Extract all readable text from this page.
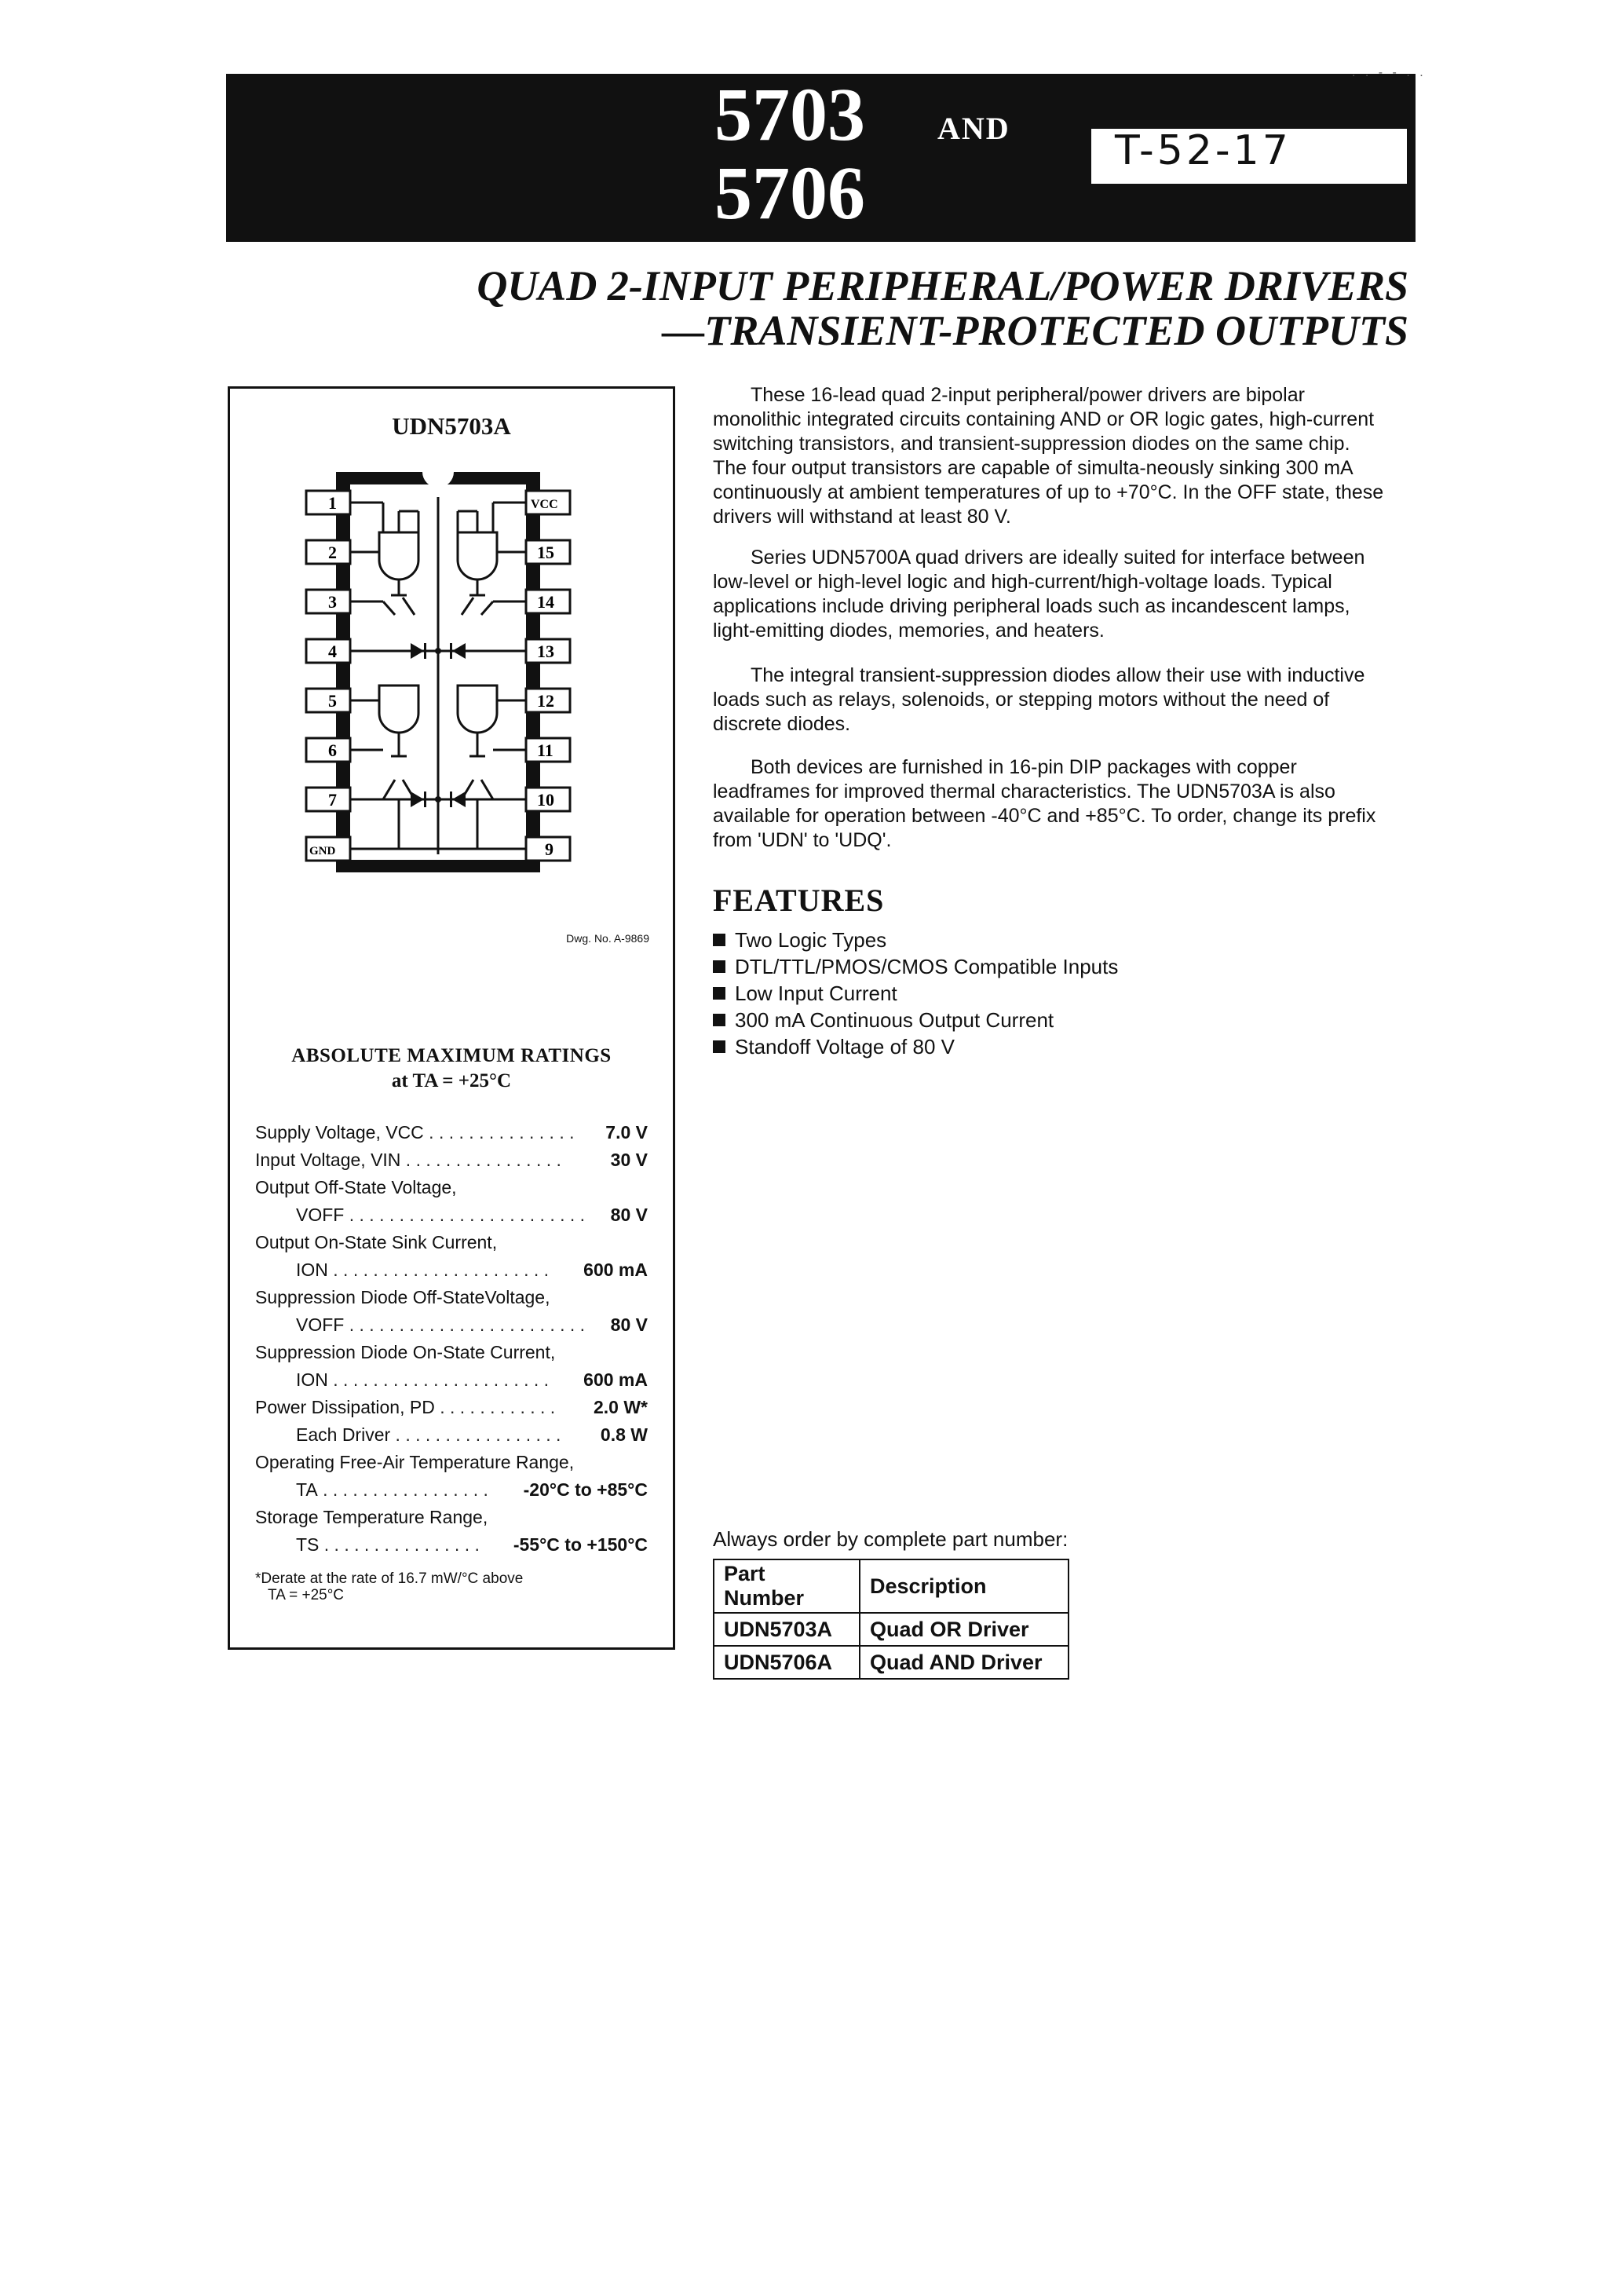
5703 AND
5706	T-52-17
. . - - . .
QUAD 2-INPUT PERIPHERAL/POWER DRIVERS
—TRANSIENT-PROTECTED OUTPUTS
UDN5703A
1
2
3
4
5
6
7
GND
VCC
15
14
13
12
11
10
9
Dwg. No. A-9869
ABSOLUTE MAXIMUM RATINGS
at TA = +25°C
Supply Voltage, VCC . . . . . . . . . . . . . . . 7.0 V
Input Voltage, VIN . . . . . . . . . . . . . . . .	30 V
Output Off-State Voltage,
VOFF . . . . . . . . . . . . . . . . . . . . . . . . 80 V
Output On-State Sink Current,
ION . . . . . . . . . . . . . . . . . . . . . . 600 mA
Suppression Diode Off-StateVoltage,
VOFF . . . . . . . . . . . . . . . . . . . . . . . . 80 V
Suppression Diode On-State Current,
ION . . . . . . . . . . . . . . . . . . . . . . 600 mA
Power Dissipation, PD . . . . . . . . . . . . 2.0 W*
Each Driver . . . . . . . . . . . . . . . . . 0.8 W
Operating Free-Air Temperature Range,
TA . . . . . . . . . . . . . . . . . -20°C to +85°C
Storage Temperature Range,
TS . . . . . . . . . . . . . . . . -55°C to +150°C
*Derate at the rate of 16.7 mW/°C above
TA = +25°C
These 16-lead quad 2-input peripheral/power drivers are bipolar monolithic integrated circuits containing AND or OR logic gates, high-current switching transistors, and transient-suppression diodes on the same chip. The four output transistors are capable of simulta-neously sinking 300 mA continuously at ambient temperatures of up to +70°C. In the OFF state, these drivers will withstand at least 80 V.
Series UDN5700A quad drivers are ideally suited for interface between low-level or high-level logic and high-current/high-voltage loads. Typical applications include driving peripheral loads such as incandescent lamps, light-emitting diodes, memories, and heaters.
The integral transient-suppression diodes allow their use with inductive loads such as relays, solenoids, or stepping motors without the need of discrete diodes.
Both devices are furnished in 16-pin DIP packages with copper leadframes for improved thermal characteristics. The UDN5703A is also available for operation between -40°C and +85°C. To order, change its prefix from 'UDN' to 'UDQ'.
FEATURES
Two Logic Types
DTL/TTL/PMOS/CMOS Compatible Inputs
Low Input Current
300 mA Continuous Output Current
Standoff Voltage of 80 V
Always order by complete part number:
Part Number	Description
UDN5703A	Quad OR Driver
UDN5706A	Quad AND Driver
